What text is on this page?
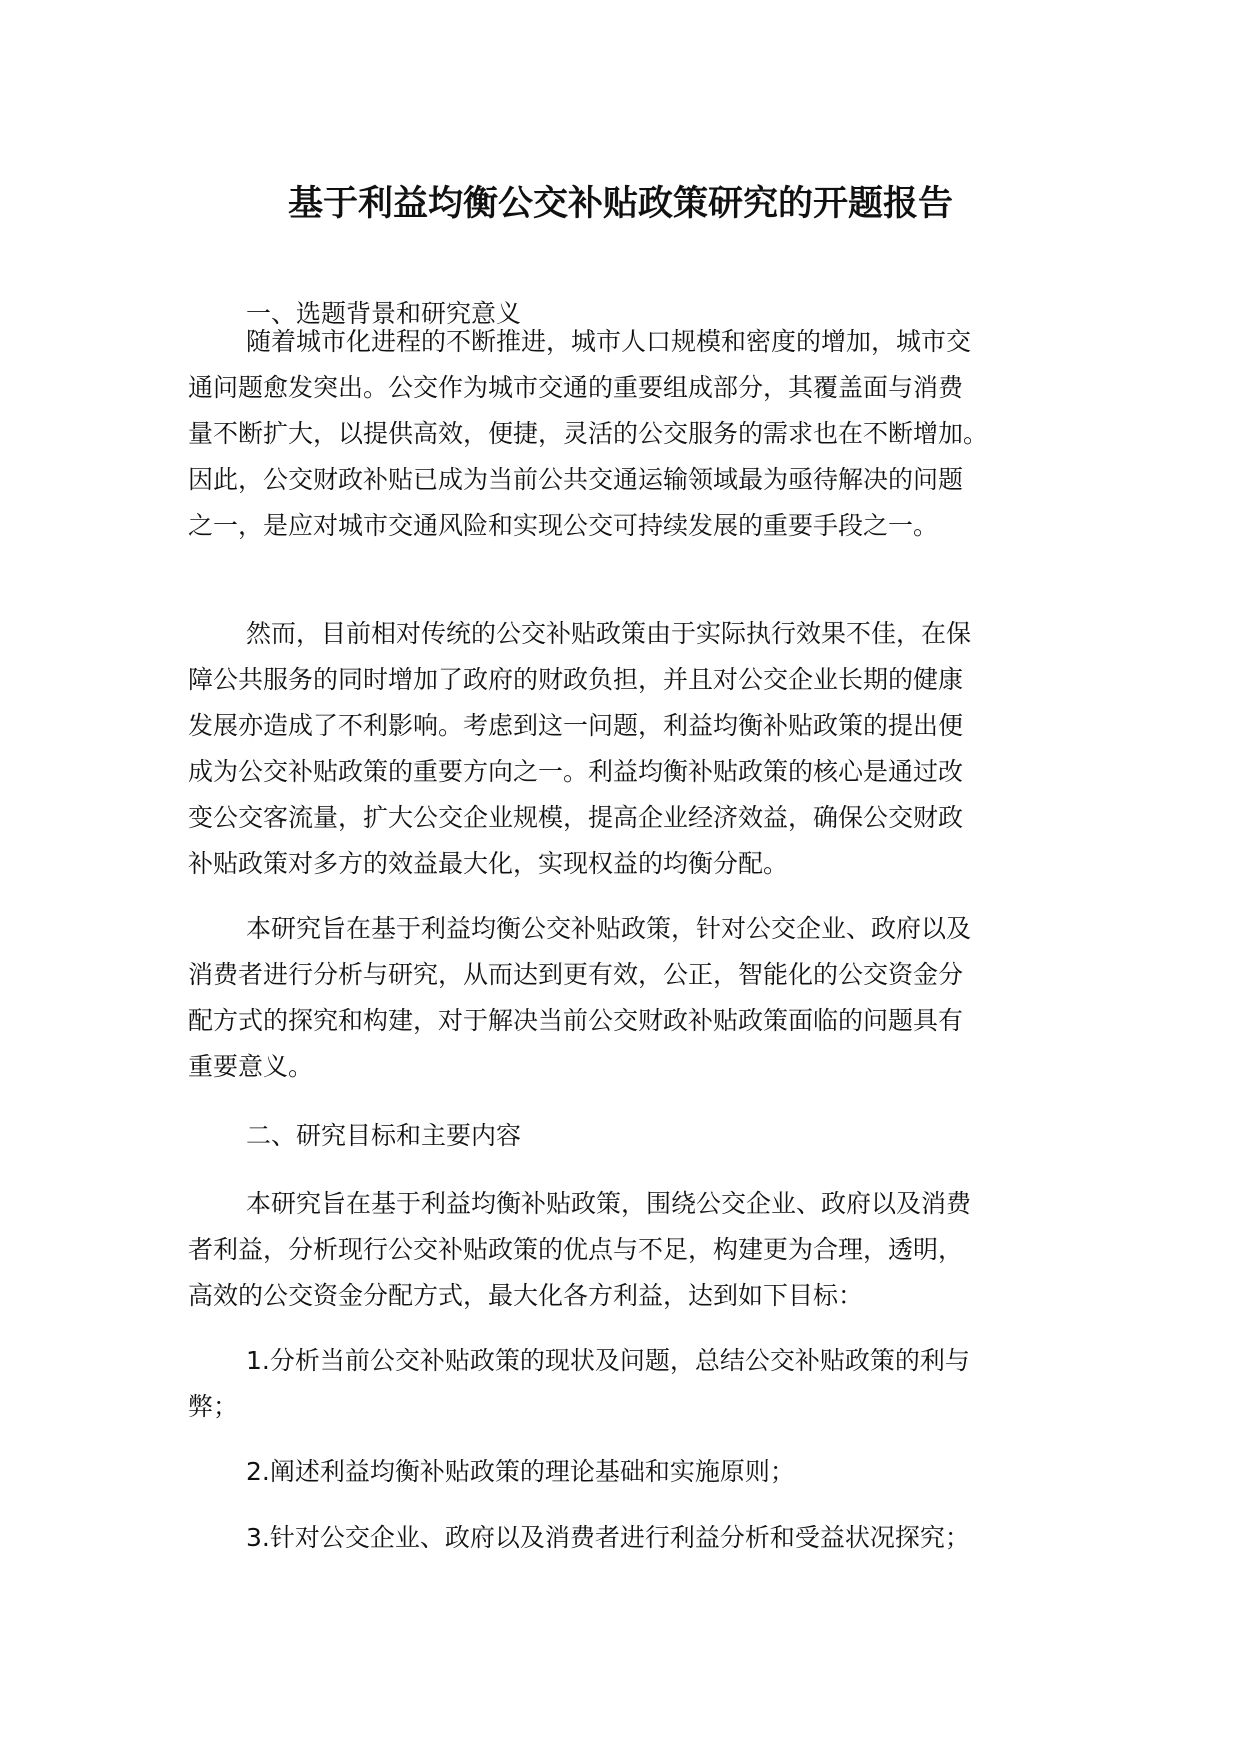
基于利益均衡公交补贴政策研究的开题报告
一、选题背景和研究意义
随着城市化进程的不断推进，城市人口规模和密度的增加，城市交
通问题愈发突出。公交作为城市交通的重要组成部分，其覆盖面与消费
量不断扩大，以提供高效，便捷，灵活的公交服务的需求也在不断增加。
因此，公交财政补贴已成为当前公共交通运输领域最为亟待解决的问题
之一，是应对城市交通风险和实现公交可持续发展的重要手段之一。
然而，目前相对传统的公交补贴政策由于实际执行效果不佳，在保
障公共服务的同时增加了政府的财政负担，并且对公交企业长期的健康
发展亦造成了不利影响。考虑到这一问题，利益均衡补贴政策的提出便
成为公交补贴政策的重要方向之一。利益均衡补贴政策的核心是通过改
变公交客流量，扩大公交企业规模，提高企业经济效益，确保公交财政
补贴政策对多方的效益最大化，实现权益的均衡分配。
本研究旨在基于利益均衡公交补贴政策，针对公交企业、政府以及
消费者进行分析与研究，从而达到更有效，公正，智能化的公交资金分
配方式的探究和构建，对于解决当前公交财政补贴政策面临的问题具有
重要意义。
二、研究目标和主要内容
本研究旨在基于利益均衡补贴政策，围绕公交企业、政府以及消费
者利益，分析现行公交补贴政策的优点与不足，构建更为合理，透明，
高效的公交资金分配方式，最大化各方利益，达到如下目标：
1.分析当前公交补贴政策的现状及问题，总结公交补贴政策的利与
弊；
2.阐述利益均衡补贴政策的理论基础和实施原则；
3.针对公交企业、政府以及消费者进行利益分析和受益状况探究；
